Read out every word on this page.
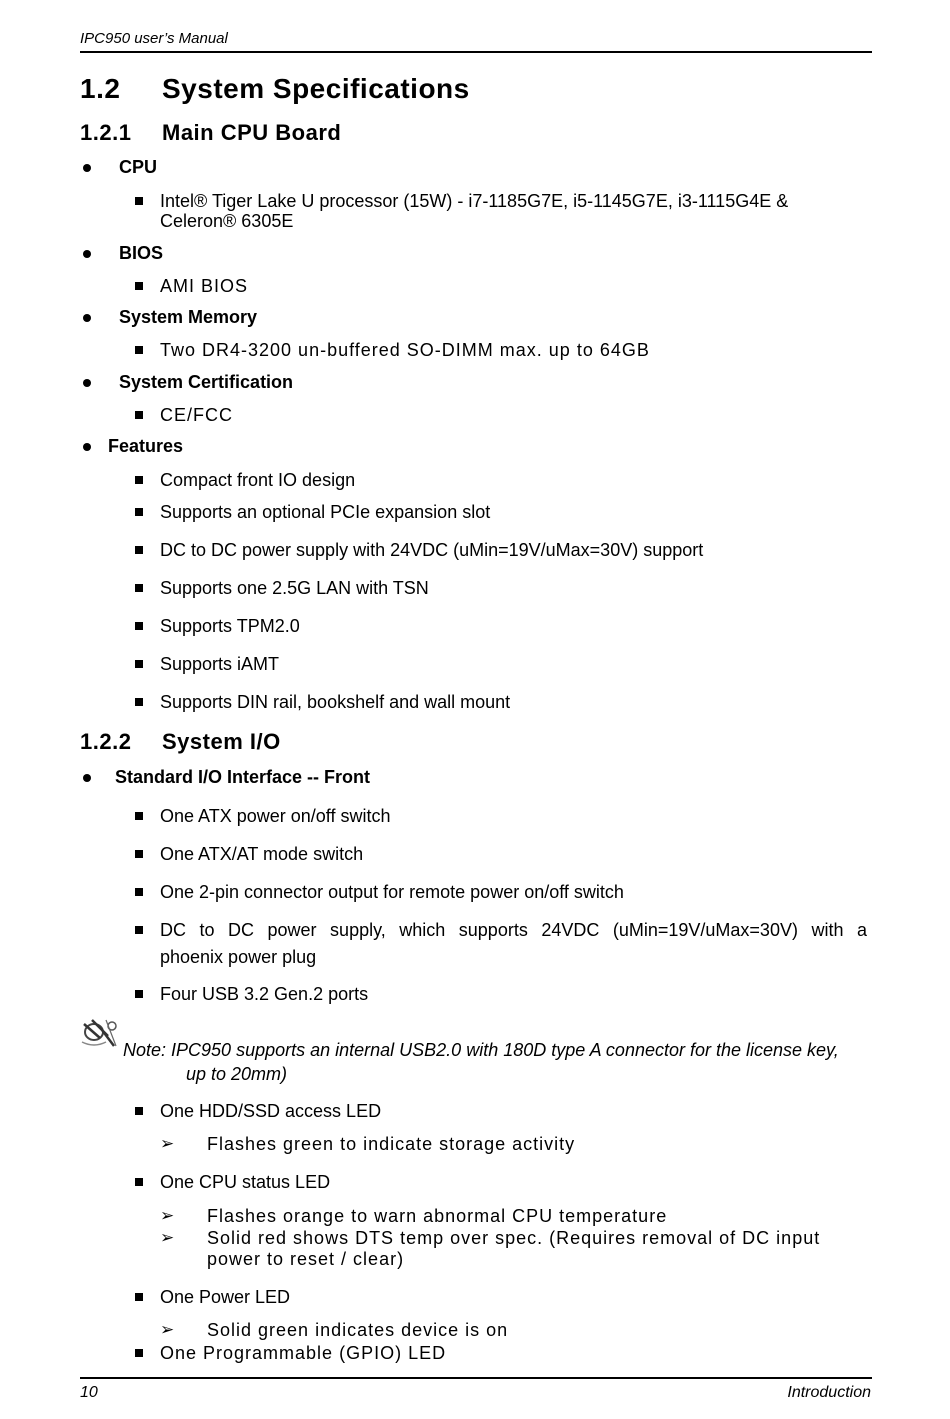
IPC950 user’s Manual
1.2 System Specifications
1.2.1 Main CPU Board
CPU
Intel® Tiger Lake U processor (15W) - i7-1185G7E, i5-1145G7E, i3-1115G4E &
Celeron® 6305E
BIOS
AMI BIOS
System Memory
Two DR4-3200 un-buffered SO-DIMM max. up to 64GB
System Certification
CE/FCC
Features
Compact front IO design
Supports an optional PCIe expansion slot
DC to DC power supply with 24VDC (uMin=19V/uMax=30V) support
Supports one 2.5G LAN with TSN
Supports TPM2.0
Supports iAMT
Supports DIN rail, bookshelf and wall mount
1.2.2 System I/O
Standard I/O Interface -- Front
One ATX power on/off switch
One ATX/AT mode switch
One 2-pin connector output for remote power on/off switch
DC to DC power supply, which supports 24VDC (uMin=19V/uMax=30V) with a
phoenix power plug
Four USB 3.2 Gen.2 ports
Note: IPC950 supports an internal USB2.0 with 180D type A connector for the license key,
up to 20mm)
One HDD/SSD access LED
➢ Flashes green to indicate storage activity
One CPU status LED
➢ Flashes orange to warn abnormal CPU temperature
➢ Solid red shows DTS temp over spec. (Requires removal of DC input
power to reset / clear)
One Power LED
➢ Solid green indicates device is on
One Programmable (GPIO) LED
10	Introduction
